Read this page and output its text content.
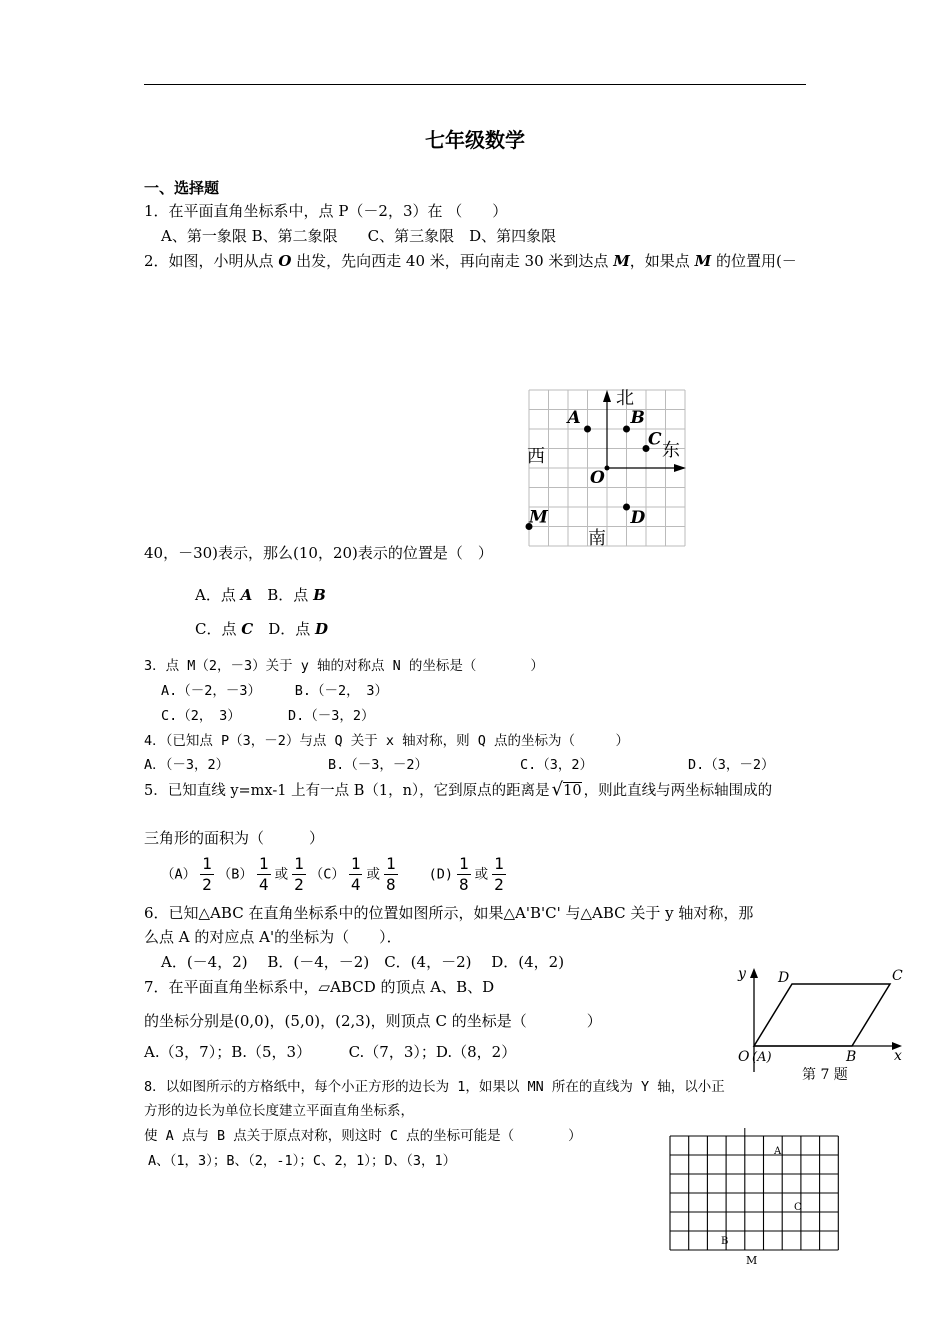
七年级数学
一、选择题
1．在平面直角坐标系中，点 P（－2，3）在 （　　）
A、第一象限 B、第二象限　　C、第三象限　D、第四象限
2．如图，小明从点 O 出发，先向西走 40 米，再向南走 30 米到达点 M，如果点 M 的位置用(－
北
南
西	东
O
A	B
C
D
M
40，－30)表示，那么(10，20)表示的位置是（　）
A．点 A　 B．点 B
C．点 C　 D．点 D
3．点 M（2，－3）关于 y 轴的对称点 N 的坐标是（　　　　）
A.（－2，－3）　　　B.（－2，　3）
C.（2，　3）　　　　D.（－3，2）
4．（已知点 P（3，－2）与点 Q 关于 x 轴对称，则 Q 点的坐标为（　　　）
A．（－3，2）	B.（－3，－2）	C.（3，2）	D.（3，－2）
5．已知直线 y=mx-1 上有一点 B（1，n），它到原点的距离是 √10 ，则此直线与两坐标轴围成的
三角形的面积为（　　　）
$(A) \frac{1}{2} (B) \frac{1}{4}$ 或 $\frac{1}{2} (C) \frac{1}{4}$ 或 $\frac{1}{8}$
　　 $(D) \frac{1}{8}$ 或 $\frac{1}{2}$
6．已知△ABC 在直角坐标系中的位置如图所示，如果△A'B'C' 与△ABC 关于 y 轴对称，那
么点 A 的对应点 A'的坐标为（　　）．
A．(－4，2)　 B．(－4，－2)　C．(4，－2)　 D．(4，2)
7．在平面直角坐标系中，▱ABCD 的顶点 A、B、D
的坐标分别是(0,0)，(5,0)，(2,3)，则顶点 C 的坐标是（　　　　）
A.（3，7）；B.（5，3）　　　C.（7，3）；D.（8，2）
y
x
D	C
B
O (A)
第 7 题
8．以如图所示的方格纸中，每个小正方形的边长为 1，如果以 MN 所在的直线为 Y 轴，以小正
方形的边长为单位长度建立平面直角坐标系，
使 A 点与 B 点关于原点对称，则这时 C 点的坐标可能是（　　　　）
A、（1，3）；B、（2，-1）；C、2，1）；D、（3，1）
A
C
B
M
